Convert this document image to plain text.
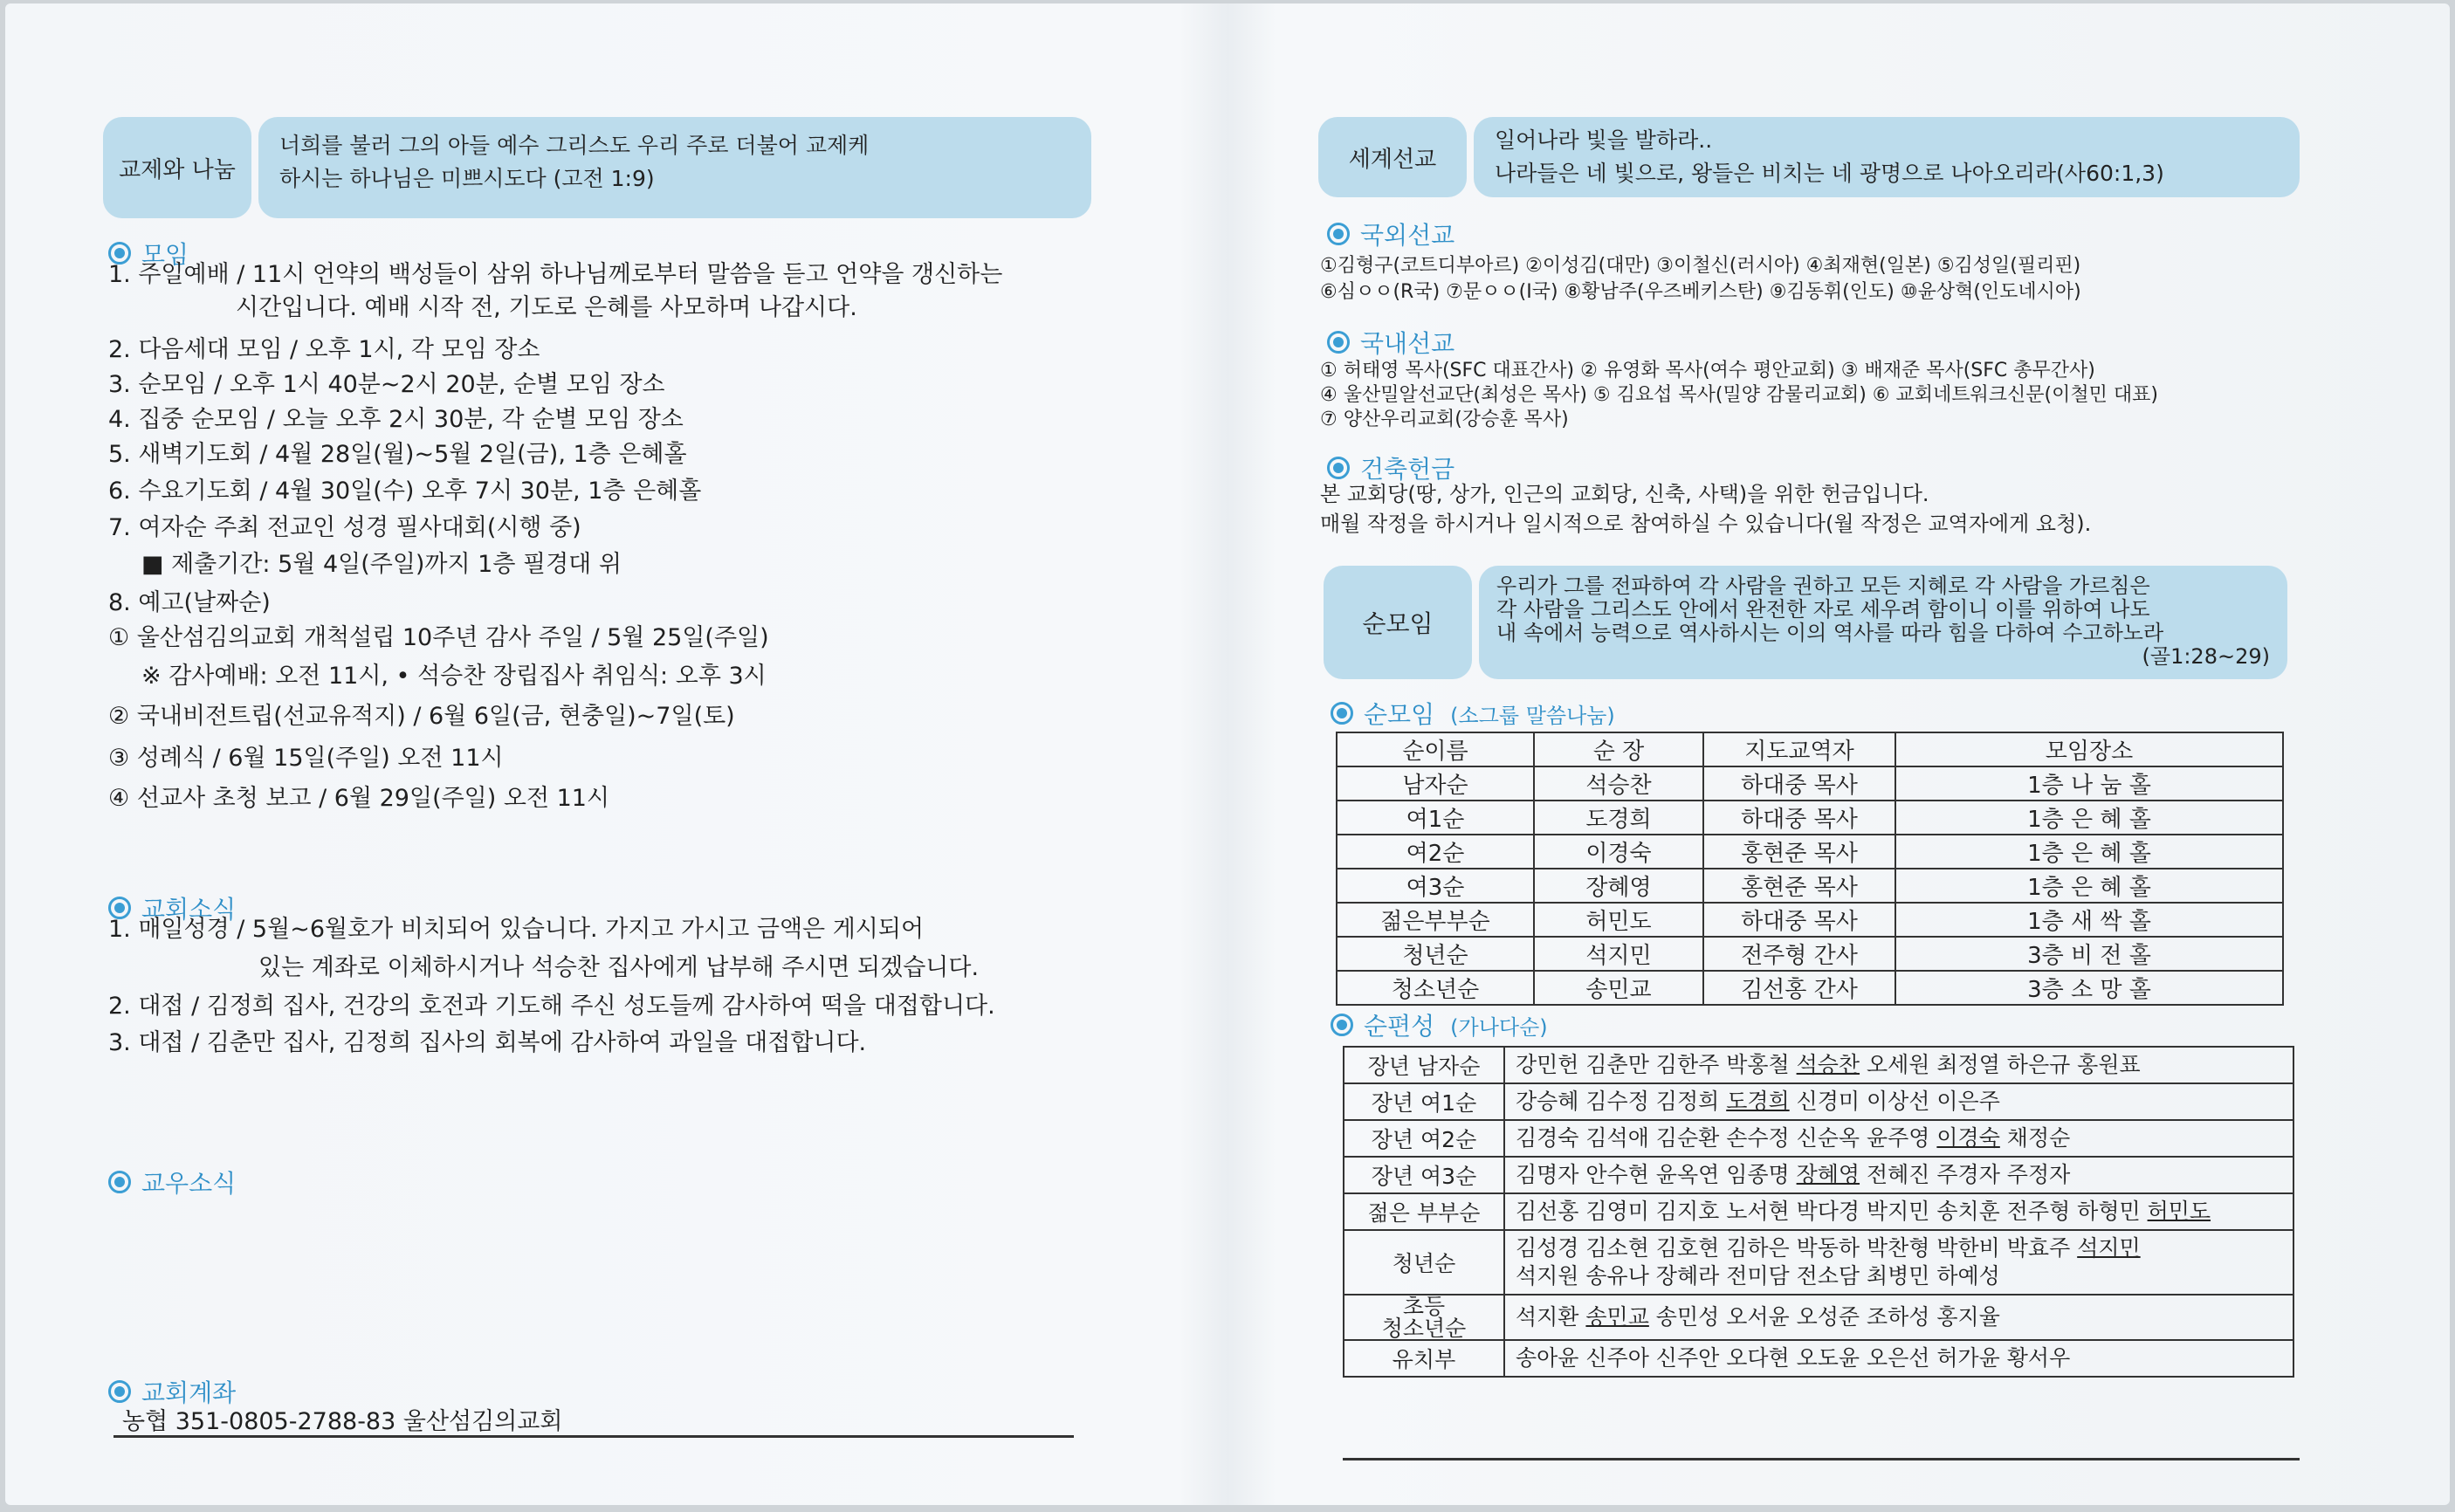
교제와 나눔
너희를 불러 그의 아들 예수 그리스도 우리 주로 더불어 교제케
하시는 하나님은 미쁘시도다 (고전 1:9)
모임
1. 주일예배 / 11시 언약의 백성들이 삼위 하나님께로부터 말씀을 듣고 언약을 갱신하는
시간입니다. 예배 시작 전, 기도로 은혜를 사모하며 나갑시다.
2. 다음세대 모임 / 오후 1시, 각 모임 장소
3. 순모임 / 오후 1시 40분~2시 20분, 순별 모임 장소
4. 집중 순모임 / 오늘 오후 2시 30분, 각 순별 모임 장소
5. 새벽기도회 / 4월 28일(월)~5월 2일(금), 1층 은혜홀
6. 수요기도회 / 4월 30일(수) 오후 7시 30분, 1층 은혜홀
7. 여자순 주최 전교인 성경 필사대회(시행 중)
■ 제출기간: 5월 4일(주일)까지 1층 필경대 위
8. 예고(날짜순)
① 울산섬김의교회 개척설립 10주년 감사 주일 / 5월 25일(주일)
※ 감사예배: 오전 11시, • 석승찬 장립집사 취임식: 오후 3시
② 국내비전트립(선교유적지) / 6월 6일(금, 현충일)~7일(토)
③ 성례식 / 6월 15일(주일) 오전 11시
④ 선교사 초청 보고 / 6월 29일(주일) 오전 11시
교회소식
1. 매일성경 / 5월~6월호가 비치되어 있습니다. 가지고 가시고 금액은 게시되어
있는 계좌로 이체하시거나 석승찬 집사에게 납부해 주시면 되겠습니다.
2. 대접 / 김정희 집사, 건강의 호전과 기도해 주신 성도들께 감사하여 떡을 대접합니다.
3. 대접 / 김춘만 집사, 김정희 집사의 회복에 감사하여 과일을 대접합니다.
교우소식
교회계좌
농협 351-0805-2788-83 울산섬김의교회
세계선교
일어나라 빛을 발하라..
나라들은 네 빛으로, 왕들은 비치는 네 광명으로 나아오리라(사60:1,3)
국외선교
①김형구(코트디부아르) ②이성김(대만) ③이철신(러시아) ④최재현(일본) ⑤김성일(필리핀)
⑥심ㅇㅇ(R국) ⑦문ㅇㅇ(I국) ⑧황남주(우즈베키스탄) ⑨김동휘(인도) ⑩윤상혁(인도네시아)
국내선교
① 허태영 목사(SFC 대표간사) ② 유영화 목사(여수 평안교회) ③ 배재준 목사(SFC 총무간사)
④ 울산밀알선교단(최성은 목사) ⑤ 김요섭 목사(밀양 감물리교회) ⑥ 교회네트워크신문(이철민 대표)
⑦ 양산우리교회(강승훈 목사)
건축헌금
본 교회당(땅, 상가, 인근의 교회당, 신축, 사택)을 위한 헌금입니다.
매월 작정을 하시거나 일시적으로 참여하실 수 있습니다(월 작정은 교역자에게 요청).
순모임
우리가 그를 전파하여 각 사람을 권하고 모든 지혜로 각 사람을 가르침은
각 사람을 그리스도 안에서 완전한 자로 세우려 함이니 이를 위하여 나도
내 속에서 능력으로 역사하시는 이의 역사를 따라 힘을 다하여 수고하노라
(골1:28~29)
순모임 (소그룹 말씀나눔)
순이름	순 장	지도교역자	모임장소
남자순	석승찬	하대중 목사	1층 나 눔 홀
여1순	도경희	하대중 목사	1층 은 혜 홀
여2순	이경숙	홍현준 목사	1층 은 혜 홀
여3순	장혜영	홍현준 목사	1층 은 혜 홀
젊은부부순	허민도	하대중 목사	1층 새 싹 홀
청년순	석지민	전주형 간사	3층 비 전 홀
청소년순	송민교	김선홍 간사	3층 소 망 홀
순편성 (가나다순)
장년 남자순	강민헌 김춘만 김한주 박홍철 석승찬 오세원 최정열 하은규 홍원표

장년 여1순	강승혜 김수정 김정희 도경희 신경미 이상선 이은주

장년 여2순	김경숙 김석애 김순환 손수정 신순옥 윤주영 이경숙 채정순

장년 여3순	김명자 안수현 윤옥연 임종명 장혜영 전혜진 주경자 주정자

젊은 부부순	김선홍 김영미 김지호 노서현 박다경 박지민 송치훈 전주형 하형민 허민도

청년순	김성경 김소현 김호현 김하은 박동하 박찬형 박한비 박효주 석지민
석지원 송유나 장혜라 전미담 전소담 최병민 하예성

초등
청소년순	석지환 송민교 송민성 오서윤 오성준 조하성 홍지율

유치부	송아윤 신주아 신주안 오다현 오도윤 오은선 허가윤 황서우
